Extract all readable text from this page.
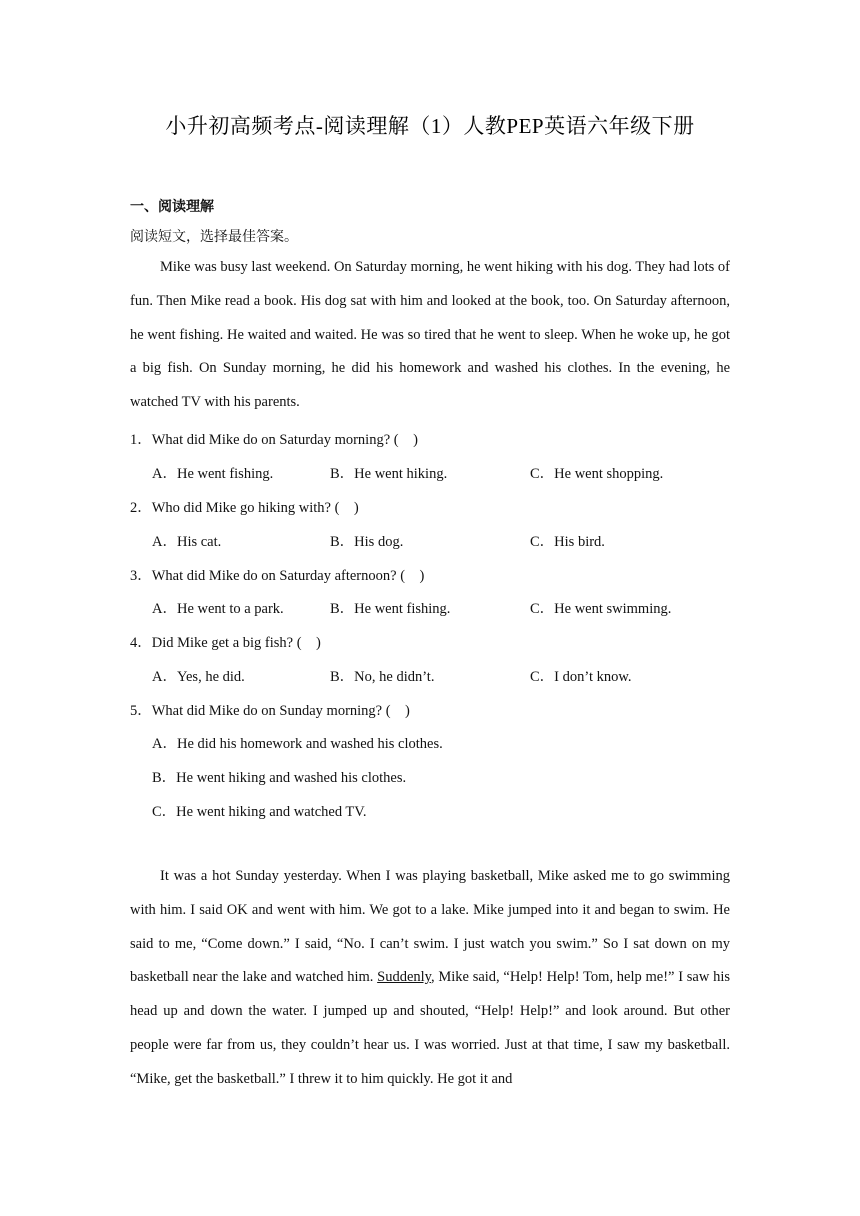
小升初高频考点-阅读理解（1）人教PEP英语六年级下册
一、阅读理解
阅读短文，选择最佳答案。

Mike was busy last weekend. On Saturday morning, he went hiking with his dog. They had lots of fun. Then Mike read a book. His dog sat with him and looked at the book, too. On Saturday afternoon, he went fishing. He waited and waited. He was so tired that he went to sleep. When he woke up, he got a big fish. On Sunday morning, he did his homework and washed his clothes. In the evening, he watched TV with his parents.

1．What did Mike do on Saturday morning? (　)
A．He went fishing.	B．He went hiking.	C．He went shopping.
2．Who did Mike go hiking with? (　)
A．His cat.	B．His dog.	C．His bird.
3．What did Mike do on Saturday afternoon? (　)
A．He went to a park.	B．He went fishing.	C．He went swimming.
4．Did Mike get a big fish? (　)
A．Yes, he did.	B．No, he didn’t.	C．I don’t know.
5．What did Mike do on Sunday morning? (　)
A．He did his homework and washed his clothes.
B．He went hiking and washed his clothes.
C．He went hiking and watched TV.

It was a hot Sunday yesterday. When I was playing basketball, Mike asked me to go swimming with him. I said OK and went with him. We got to a lake. Mike jumped into it and began to swim. He said to me, “Come down.” I said, “No. I can’t swim. I just watch you swim.” So I sat down on my basketball near the lake and watched him. Suddenly, Mike said, “Help! Help! Tom, help me!” I saw his head up and down the water. I jumped up and shouted, “Help! Help!” and look around. But other people were far from us, they couldn’t hear us. I was worried. Just at that time, I saw my basketball. “Mike, get the basketball.” I threw it to him quickly. He got it and
